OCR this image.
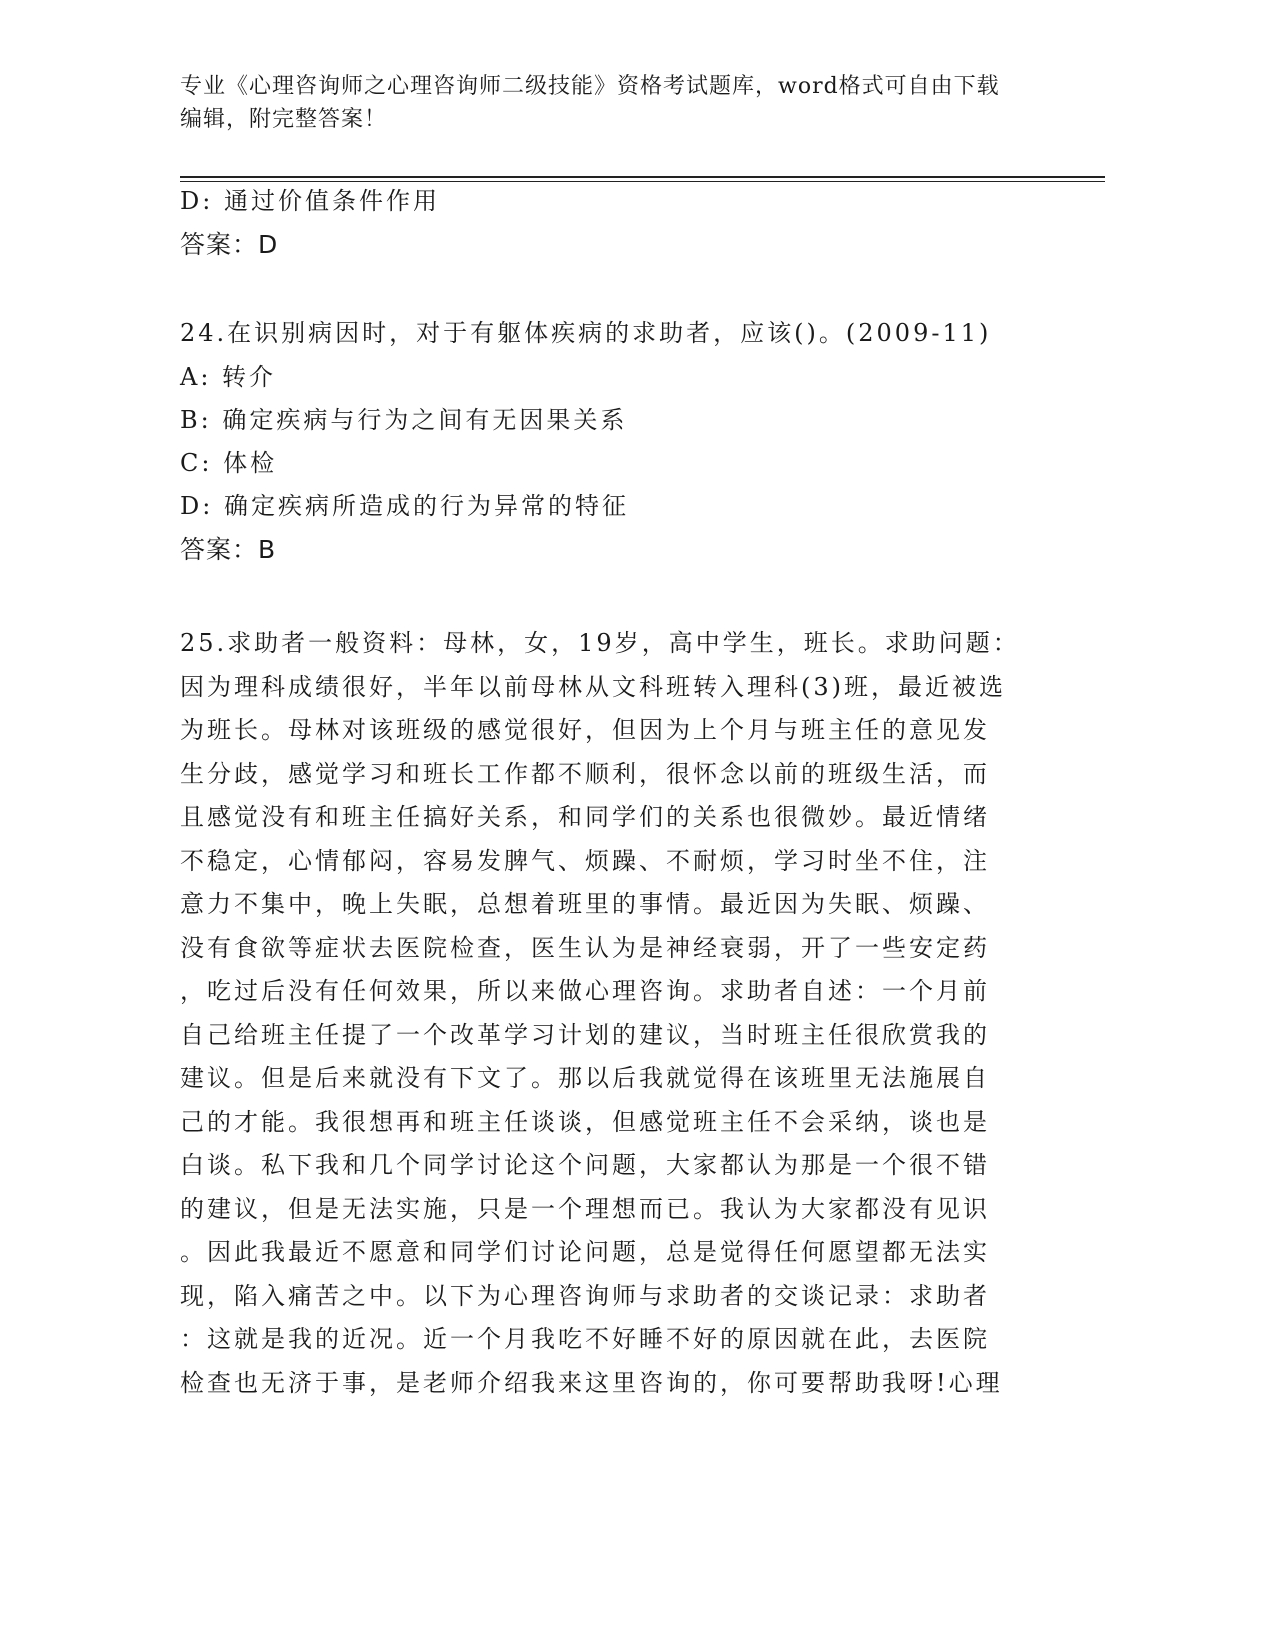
专业《心理咨询师之心理咨询师二级技能》资格考试题库，word格式可自由下载
编辑，附完整答案！
D: 通过价值条件作用
答案：D
24.在识别病因时，对于有躯体疾病的求助者，应该()。(2009-11)
A: 转介
B: 确定疾病与行为之间有无因果关系
C: 体检
D: 确定疾病所造成的行为异常的特征
答案：B
25.求助者一般资料：母林，女，19岁，高中学生，班长。求助问题：
因为理科成绩很好，半年以前母林从文科班转入理科(3)班，最近被选
为班长。母林对该班级的感觉很好，但因为上个月与班主任的意见发
生分歧，感觉学习和班长工作都不顺利，很怀念以前的班级生活，而
且感觉没有和班主任搞好关系，和同学们的关系也很微妙。最近情绪
不稳定，心情郁闷，容易发脾气、烦躁、不耐烦，学习时坐不住，注
意力不集中，晚上失眠，总想着班里的事情。最近因为失眠、烦躁、
没有食欲等症状去医院检查，医生认为是神经衰弱，开了一些安定药
，吃过后没有任何效果，所以来做心理咨询。求助者自述：一个月前
自己给班主任提了一个改革学习计划的建议，当时班主任很欣赏我的
建议。但是后来就没有下文了。那以后我就觉得在该班里无法施展自
己的才能。我很想再和班主任谈谈，但感觉班主任不会采纳，谈也是
白谈。私下我和几个同学讨论这个问题，大家都认为那是一个很不错
的建议，但是无法实施，只是一个理想而已。我认为大家都没有见识
。因此我最近不愿意和同学们讨论问题，总是觉得任何愿望都无法实
现，陷入痛苦之中。以下为心理咨询师与求助者的交谈记录：求助者
：这就是我的近况。近一个月我吃不好睡不好的原因就在此，去医院
检查也无济于事，是老师介绍我来这里咨询的，你可要帮助我呀!心理
